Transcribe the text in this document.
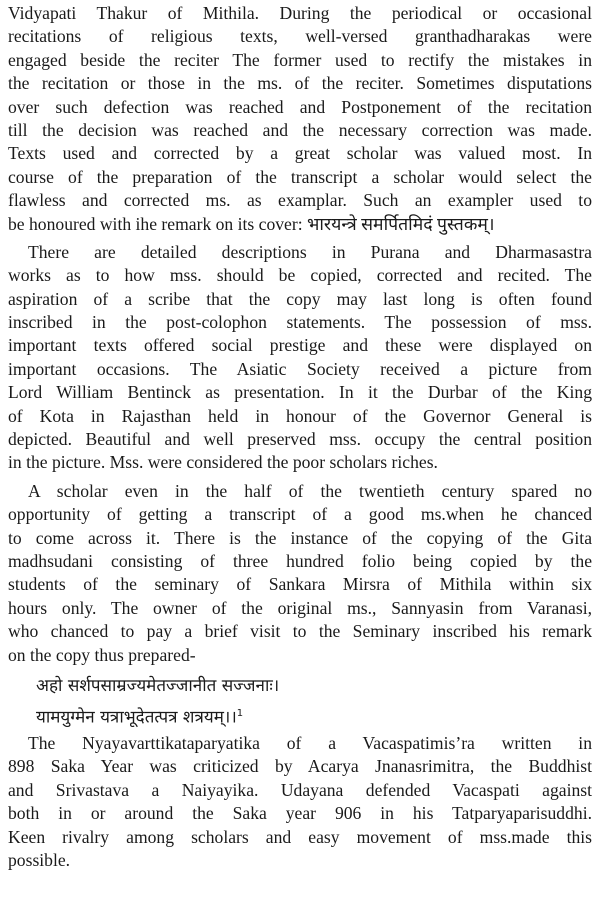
Vidyapati Thakur of Mithila. During the periodical or occasional
recitations of religious texts, well-versed granthadharakas were
engaged beside the reciter The former used to rectify the mistakes in
the recitation or those in the ms. of the reciter. Sometimes disputations
over such defection was reached and Postponement of the recitation
till the decision was reached and the necessary correction was made.
Texts used and corrected by a great scholar was valued most. In
course of the preparation of the transcript a scholar would select the
flawless and corrected ms. as examplar. Such an exampler used to
be honoured with ihe remark on its cover: भारयन्त्रे समर्पितमिदं पुस्तकम्।
There are detailed descriptions in Purana and Dharmasastra
works as to how mss. should be copied, corrected and recited. The
aspiration of a scribe that the copy may last long is often found
inscribed in the post-colophon statements. The possession of mss.
important texts offered social prestige and these were displayed on
important occasions. The Asiatic Society received a picture from
Lord William Bentinck as presentation. In it the Durbar of the King
of Kota in Rajasthan held in honour of the Governor General is
depicted. Beautiful and well preserved mss. occupy the central position
in the picture. Mss. were considered the poor scholars riches.
A scholar even in the half of the twentieth century spared no
opportunity of getting a transcript of a good ms.when he chanced
to come across it. There is the instance of the copying of the Gita
madhsudani consisting of three hundred folio being copied by the
students of the seminary of Sankara Mirsra of Mithila within six
hours only. The owner of the original ms., Sannyasin from Varanasi,
who chanced to pay a brief visit to the Seminary inscribed his remark
on the copy thus prepared-
अहो सर्शपसाम्रज्यमेतज्जानीत सज्जनाः।
यामयुग्मेन यत्राभूदेतत्पत्र शत्रयम्।।$^1$
The Nyayavarttikataparyatika of a Vacaspatimis’ra written in
898 Saka Year was criticized by Acarya Jnanasrimitra, the Buddhist
and Srivastava a Naiyayika. Udayana defended Vacaspati against
both in or around the Saka year 906 in his Tatparyaparisuddhi.
Keen rivalry among scholars and easy movement of mss.made this
possible.
